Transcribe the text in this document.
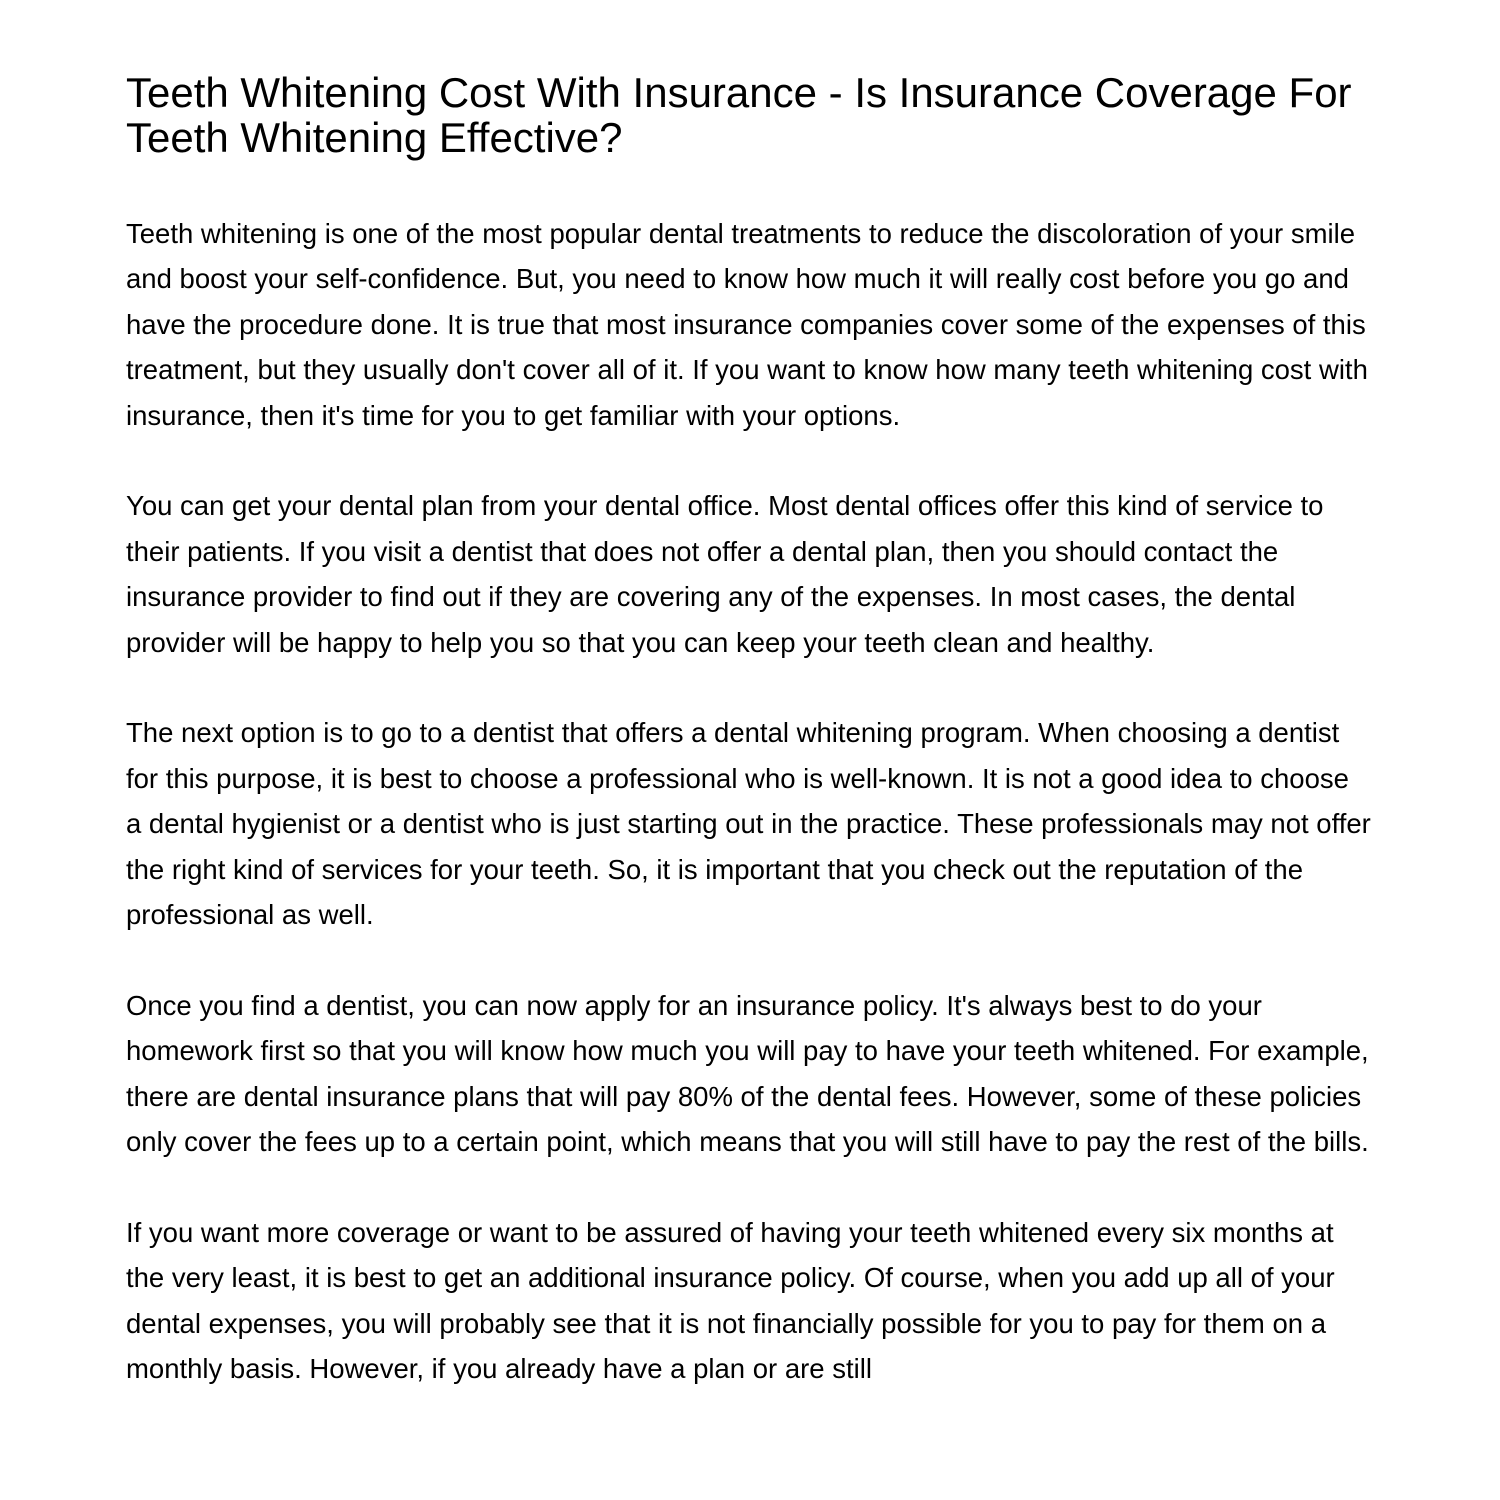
Teeth Whitening Cost With Insurance - Is Insurance Coverage For Teeth Whitening Effective?

Teeth whitening is one of the most popular dental treatments to reduce the discoloration of your smile and boost your self-confidence. But, you need to know how much it will really cost before you go and have the procedure done. It is true that most insurance companies cover some of the expenses of this treatment, but they usually don't cover all of it. If you want to know how many teeth whitening cost with insurance, then it's time for you to get familiar with your options.

You can get your dental plan from your dental office. Most dental offices offer this kind of service to their patients. If you visit a dentist that does not offer a dental plan, then you should contact the insurance provider to find out if they are covering any of the expenses. In most cases, the dental provider will be happy to help you so that you can keep your teeth clean and healthy.

The next option is to go to a dentist that offers a dental whitening program. When choosing a dentist for this purpose, it is best to choose a professional who is well-known. It is not a good idea to choose a dental hygienist or a dentist who is just starting out in the practice. These professionals may not offer the right kind of services for your teeth. So, it is important that you check out the reputation of the professional as well.

Once you find a dentist, you can now apply for an insurance policy. It's always best to do your homework first so that you will know how much you will pay to have your teeth whitened. For example, there are dental insurance plans that will pay 80% of the dental fees. However, some of these policies only cover the fees up to a certain point, which means that you will still have to pay the rest of the bills.

If you want more coverage or want to be assured of having your teeth whitened every six months at the very least, it is best to get an additional insurance policy. Of course, when you add up all of your dental expenses, you will probably see that it is not financially possible for you to pay for them on a monthly basis. However, if you already have a plan or are still
